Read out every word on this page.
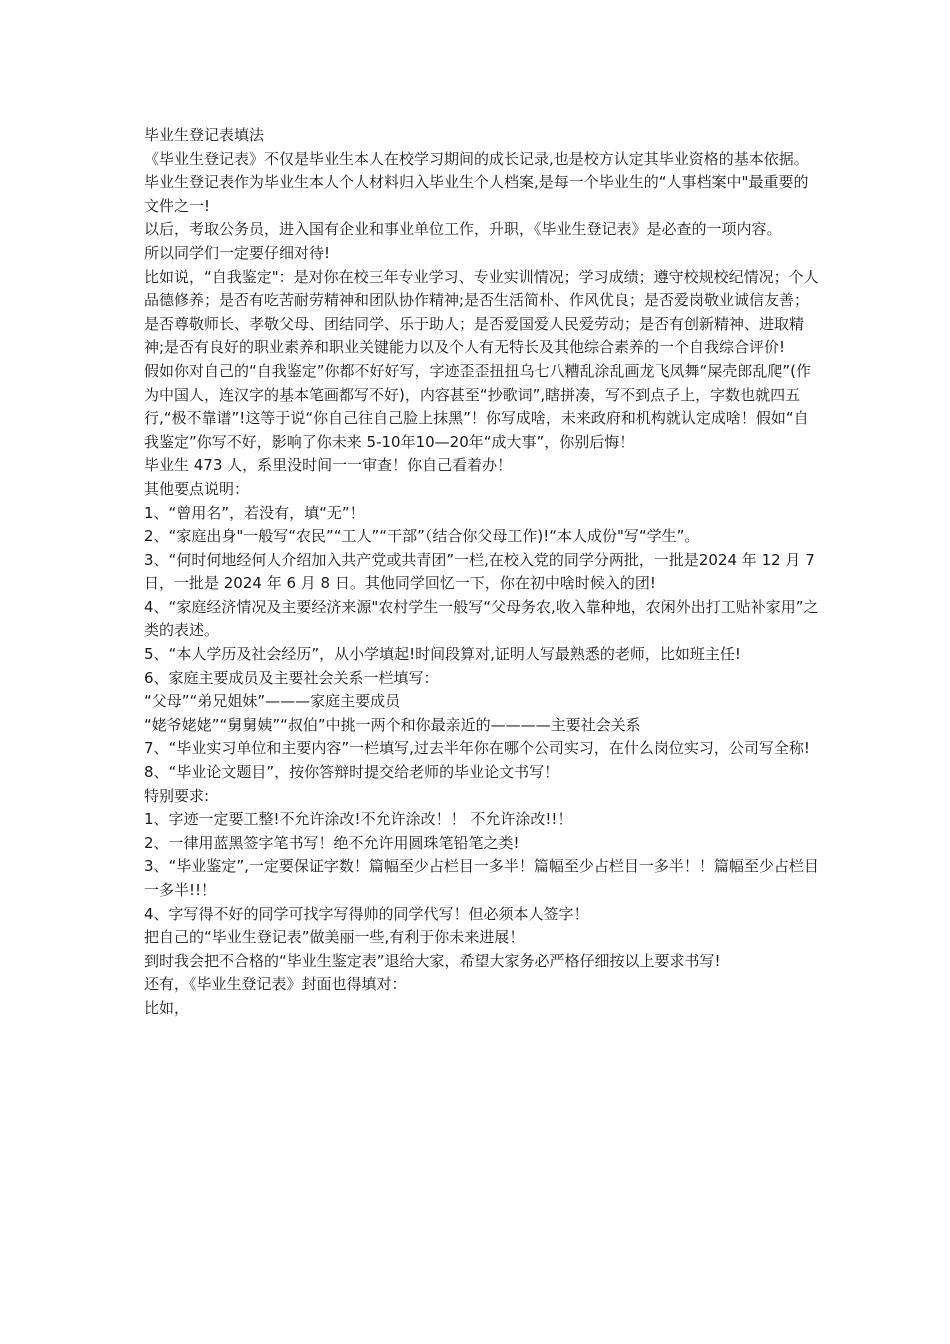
毕业生登记表填法

《毕业生登记表》不仅是毕业生本人在校学习期间的成长记录,也是校方认定其毕业资格的基本依据。毕业生登记表作为毕业生本人个人材料归入毕业生个人档案,是每一个毕业生的“人事档案中"最重要的文件之一!

以后，考取公务员，进入国有企业和事业单位工作，升职，《毕业生登记表》是必查的一项内容。

所以同学们一定要仔细对待!

比如说，“自我鉴定"：是对你在校三年专业学习、专业实训情况；学习成绩；遵守校规校纪情况；个人品德修养；是否有吃苦耐劳精神和团队协作精神;是否生活简朴、作风优良；是否爱岗敬业诚信友善；是否尊敬师长、孝敬父母、团结同学、乐于助人；是否爱国爱人民爱劳动；是否有创新精神、进取精神;是否有良好的职业素养和职业关键能力以及个人有无特长及其他综合素养的一个自我综合评价!

假如你对自己的“自我鉴定”你都不好好写，字迹歪歪扭扭乌七八糟乱涂乱画龙飞凤舞“屎壳郎乱爬”(作为中国人，连汉字的基本笔画都写不好)，内容甚至“抄歌词”,瞎拼凑，写不到点子上，字数也就四五行,“极不靠谱”!这等于说“你自己往自己脸上抹黑”！你写成啥，未来政府和机构就认定成啥！假如“自我鉴定”你写不好，影响了你未来 5-10年10—20年“成大事”，你别后悔！

毕业生 473 人，系里没时间一一审查！你自己看着办！

其他要点说明：

1、“曾用名”，若没有，填“无”！

2、“家庭出身"一般写“农民”“工人”“干部”（结合你父母工作)!“本人成份"写“学生”。

3、“何时何地经何人介绍加入共产党或共青团”一栏,在校入党的同学分两批，一批是2024 年 12 月 7 日，一批是 2024 年 6 月 8 日。其他同学回忆一下，你在初中啥时候入的团!

4、“家庭经济情况及主要经济来源"农村学生一般写“父母务农,收入靠种地，农闲外出打工贴补家用”之类的表述。

5、“本人学历及社会经历”，从小学填起!时间段算对,证明人写最熟悉的老师，比如班主任!

6、家庭主要成员及主要社会关系一栏填写：

“父母”“弟兄姐妹”———家庭主要成员

“姥爷姥姥”“舅舅姨”“叔伯”中挑一两个和你最亲近的————主要社会关系

7、“毕业实习单位和主要内容”一栏填写,过去半年你在哪个公司实习，在什么岗位实习，公司写全称!

8、“毕业论文题目”，按你答辩时提交给老师的毕业论文书写！

特别要求:

1、字迹一定要工整!不允许涂改!不允许涂改！！ 不允许涂改!!！

2、一律用蓝黑签字笔书写！绝不允许用圆珠笔铅笔之类!

3、“毕业鉴定”,一定要保证字数！篇幅至少占栏目一多半！篇幅至少占栏目一多半！！篇幅至少占栏目一多半!!！

4、字写得不好的同学可找字写得帅的同学代写！但必须本人签字！

把自己的“毕业生登记表”做美丽一些,有利于你未来进展！

到时我会把不合格的“毕业生鉴定表”退给大家，希望大家务必严格仔细按以上要求书写!

还有，《毕业生登记表》封面也得填对：

比如，
